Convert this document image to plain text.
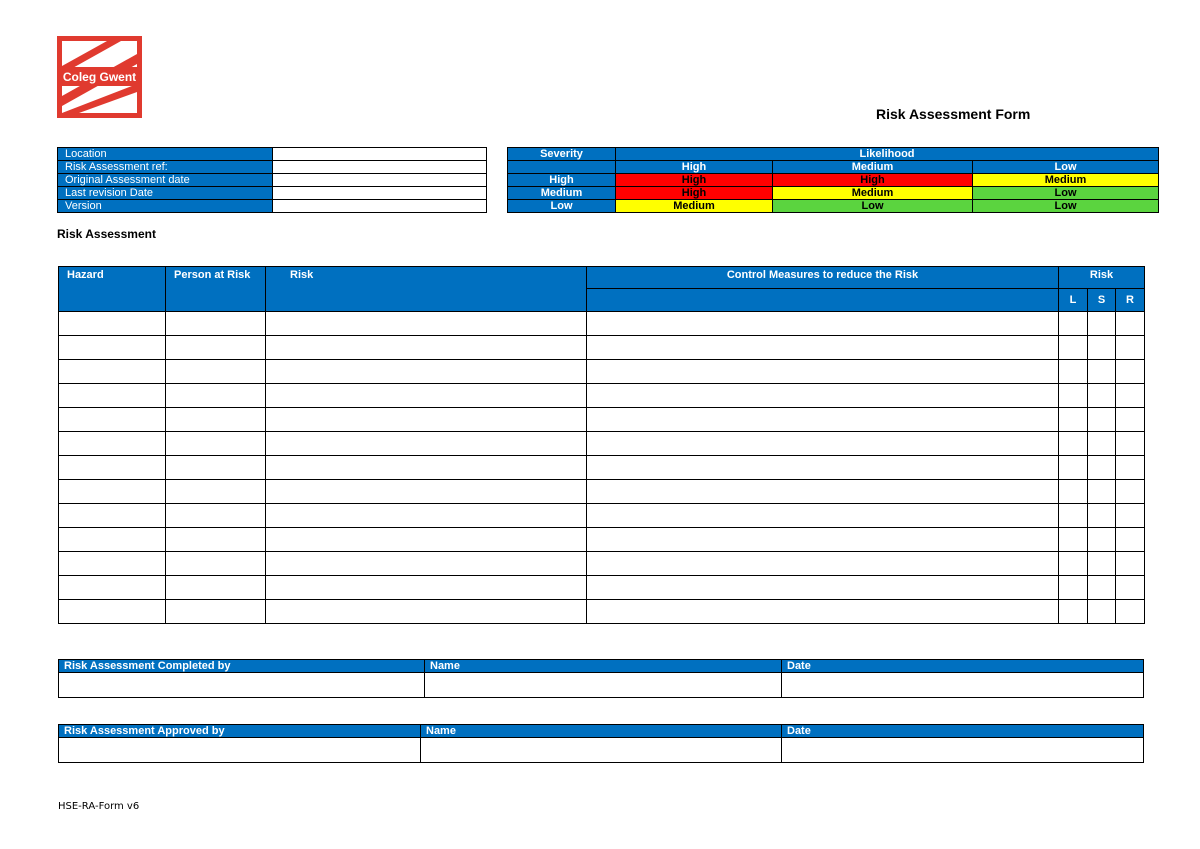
Coleg Gwent
Risk Assessment Form
Location	
Risk Assessment ref:	
Original Assessment date	
Last revision Date	
Version	
Severity	Likelihood		
	High	Medium	Low
High	High	High	Medium
Medium	High	Medium	Low
Low	Medium	Low	Low
Risk Assessment
Hazard	Person at Risk	Risk	Control Measures to reduce the Risk	Risk		
				L	S	R

Risk Assessment Completed by	Name	Date

Risk Assessment Approved by	Name	Date

HSE-RA-Form v6
